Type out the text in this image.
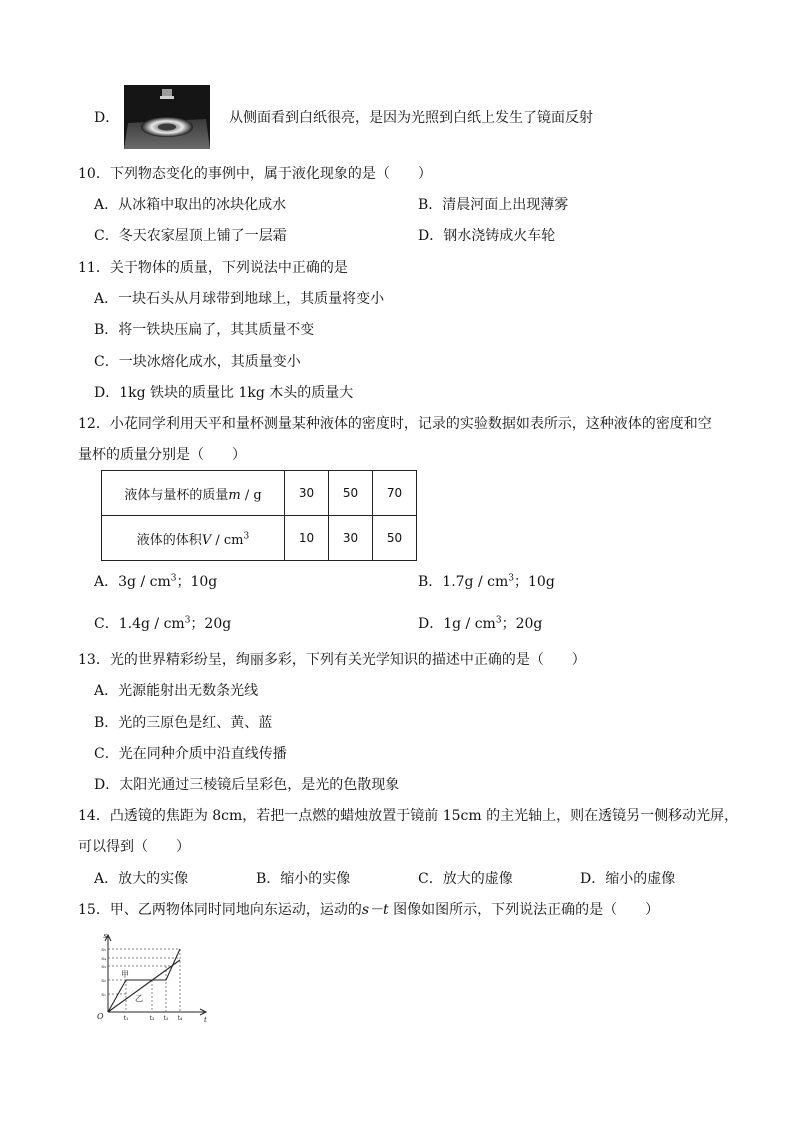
D．	从侧面看到白纸很亮，是因为光照到白纸上发生了镜面反射
10．下列物态变化的事例中，属于液化现象的是（　　）
A．从冰箱中取出的冰块化成水	B．清晨河面上出现薄雾
C．冬天农家屋顶上铺了一层霜	D．钢水浇铸成火车轮
11．关于物体的质量，下列说法中正确的是
A．一块石头从月球带到地球上，其质量将变小
B．将一铁块压扁了，其其质量不变
C．一块冰熔化成水，其质量变小
D．1kg 铁块的质量比 1kg 木头的质量大
12．小花同学利用天平和量杯测量某种液体的密度时，记录的实验数据如表所示，这种液体的密度和空
量杯的质量分别是（　　）
液体与量杯的质量m / g	30	50	70
液体的体积V / $cm^3$	10	30	50
A．$3g / cm^3$；10g	B．$1.7g / cm^3$；10g
C．$1.4g / cm^3$；20g	D．$1g / cm^3$；20g
13．光的世界精彩纷呈，绚丽多彩，下列有关光学知识的描述中正确的是（　　）
A．光源能射出无数条光线
B．光的三原色是红、黄、蓝
C．光在同种介质中沿直线传播
D．太阳光通过三棱镜后呈彩色，是光的色散现象
14．凸透镜的焦距为 8cm，若把一点燃的蜡烛放置于镜前 15cm 的主光轴上，则在透镜另一侧移动光屏，
可以得到（　　）
A．放大的实像	B．缩小的实像	C．放大的虚像	D．缩小的虚像
15．甲、乙两物体同时同地向东运动，运动的s－t 图像如图所示，下列说法正确的是（　　）
s
t
O
s₁
s₂
s₃
s₄
s₅
t₁	t₂ t₃ t₄
甲
乙
